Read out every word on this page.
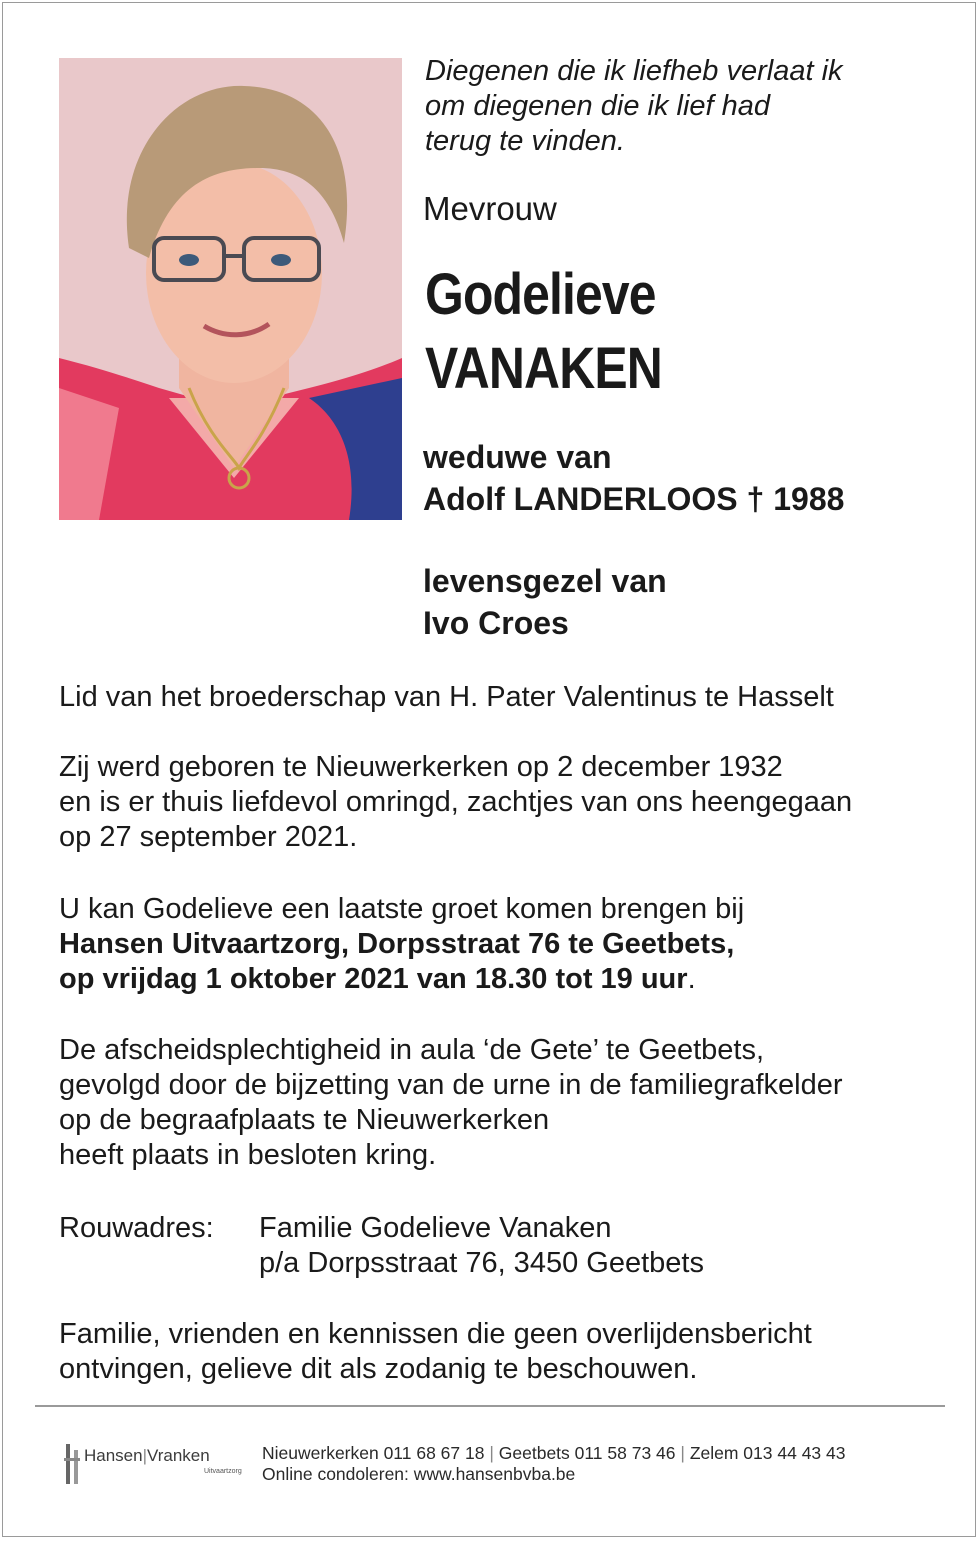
Diegenen die ik liefheb verlaat ik
om diegenen die ik lief had
terug te vinden.
Mevrouw
Godelieve
VANAKEN
weduwe van
Adolf LANDERLOOS † 1988
levensgezel van
Ivo Croes
Lid van het broederschap van H. Pater Valentinus te Hasselt
Zij werd geboren te Nieuwerkerken op 2 december 1932
en is er thuis liefdevol omringd, zachtjes van ons heengegaan
op 27 september 2021.
U kan Godelieve een laatste groet komen brengen bij
Hansen Uitvaartzorg, Dorpsstraat 76 te Geetbets,
op vrijdag 1 oktober 2021 van 18.30 tot 19 uur.
De afscheidsplechtigheid in aula ‘de Gete’ te Geetbets,
gevolgd door de bijzetting van de urne in de familiegrafkelder
op de begraafplaats te Nieuwerkerken
heeft plaats in besloten kring.
Rouwadres: Familie Godelieve Vanaken
p/a Dorpsstraat 76, 3450 Geetbets
Familie, vrienden en kennissen die geen overlijdensbericht
ontvingen, gelieve dit als zodanig te beschouwen.
Hansen|Vranken
Uitvaartzorg
Nieuwerkerken 011 68 67 18 | Geetbets 011 58 73 46 | Zelem 013 44 43 43
Online condoleren: www.hansenbvba.be
